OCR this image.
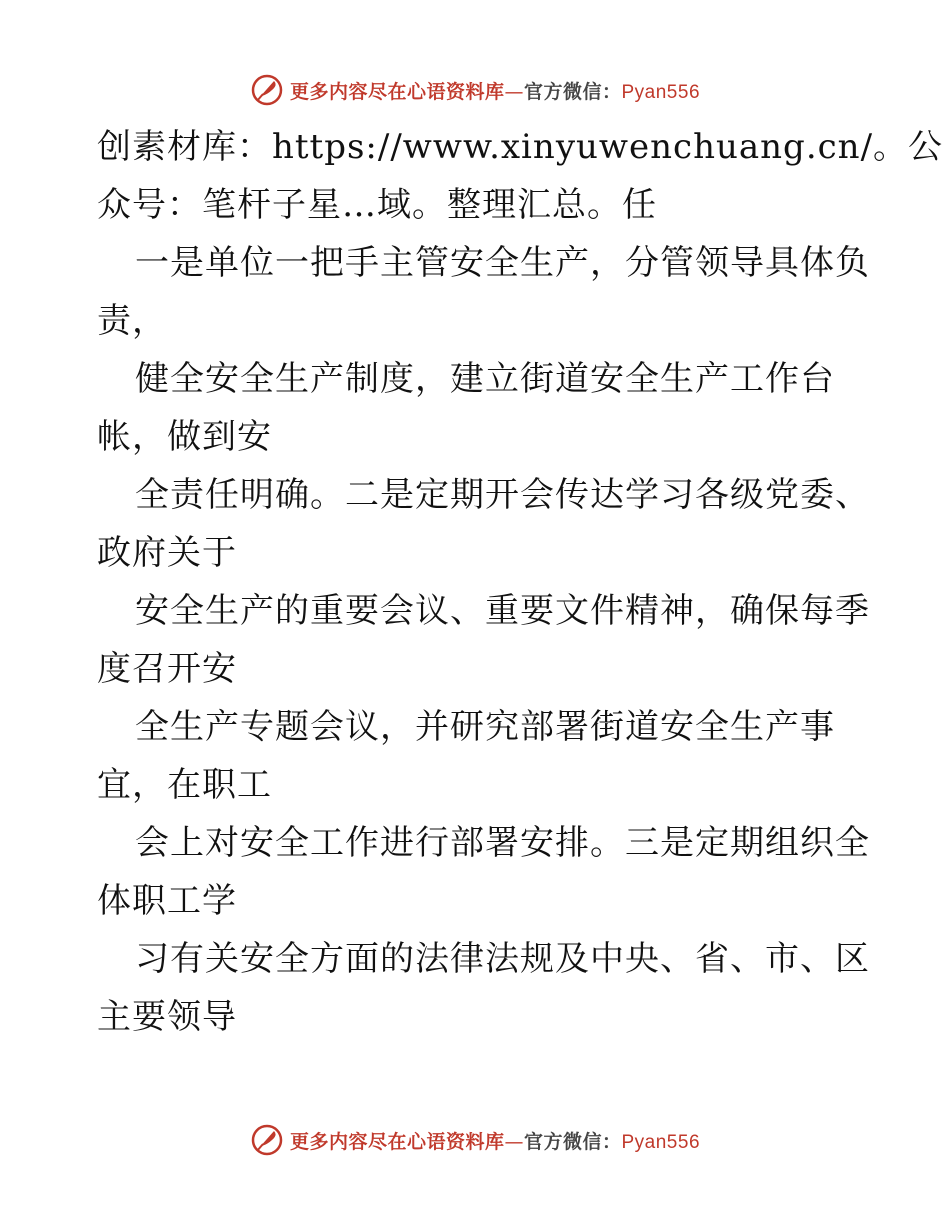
更多内容尽在心语资料库—官方微信：Pyan556
创素材库：https://www.xinyuwenchuang.cn/。公
众号：笔杆子星…域。整理汇总。任
一是单位一把手主管安全生产，分管领导具体负
责，
健全安全生产制度，建立街道安全生产工作台
帐，做到安
全责任明确。二是定期开会传达学习各级党委、
政府关于
安全生产的重要会议、重要文件精神，确保每季
度召开安
全生产专题会议，并研究部署街道安全生产事
宜，在职工
会上对安全工作进行部署安排。三是定期组织全
体职工学
习有关安全方面的法律法规及中央、省、市、区
主要领导
更多内容尽在心语资料库—官方微信：Pyan556
